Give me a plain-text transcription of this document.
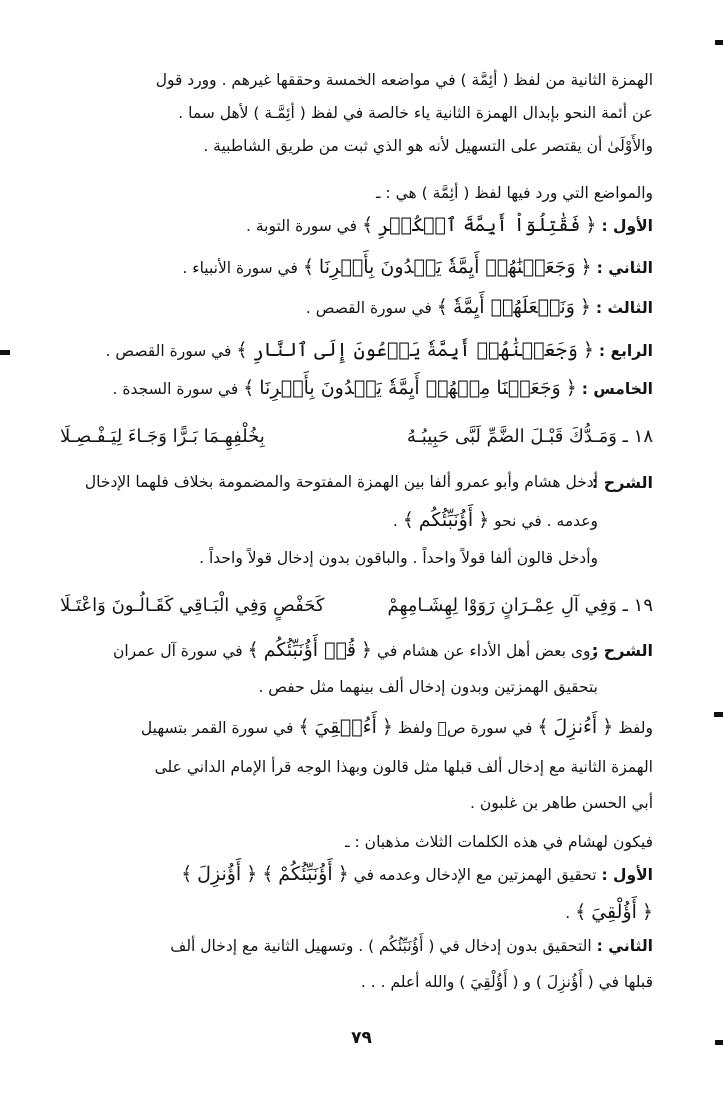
الهمزة الثانية من لفظ ( أئِمَّة ) في مواضعه الخمسة وحققها غيرهم . وورد قول
عن أئمة النحو بإبدال الهمزة الثانية ياء خالصة في لفظ ( أئِمَّـة ) لأهل سما .
والأَوْلَىٰ أن يقتصر على التسهيل لأنه هو الذي ثبت من طريق الشاطبية .
والمواضع التي ورد فيها لفظ ( أئِمَّة ) هي : ـ
الأول : ﴿ فَقَٰتِلُوٓاْ أَيِمَّةَ ٱلۡكُفۡرِ ﴾ في سورة التوبة .
الثاني : ﴿ وَجَعَلۡنَٰهُمۡ أَيِمَّةٗ يَهۡدُونَ بِأَمۡرِنَا ﴾ في سورة الأنبياء .
الثالث : ﴿ وَنَجۡعَلَهُمۡ أَيِمَّةٗ ﴾ في سورة القصص .
الرابع : ﴿ وَجَعَلۡنَٰهُمۡ أَيِمَّةٗ يَدۡعُونَ إِلَى ٱلنَّارِ ﴾ في سورة القصص .
الخامس : ﴿ وَجَعَلۡنَا مِنۡهُمۡ أَيِمَّةٗ يَهۡدُونَ بِأَمۡرِنَا ﴾ في سورة السجدة .
١٨ ـ وَمَـدُّكَ قَبْـلَ الضَّمِّ لَبَّى حَبِيبُـهُ
بِخُلْفِهِـمَا بَـرًّا وَجَـاءَ لِيَـفْـصِـلَا
الشرح :
أدخل هشام وأبو عمرو ألفا بين الهمزة المفتوحة والمضمومة بخلاف فلهما الإدخال
وعدمه . في نحو ﴿ أَؤُنَبِّئُكُم ﴾ .
وأدخل قالون ألفا قولاً واحداً . والباقون بدون إدخال قولاً واحداً .
١٩ ـ وَفِي آلِ عِمْـرَانٍ رَوَوْا لِهِشَـامِهِمْ
كَحَفْصٍ وَفِي الْبَـاقِي كَقَـالُـونَ وَاعْتَـلَا
الشرح :
روى بعض أهل الأداء عن هشام في ﴿ قُلۡ أَؤُنَبِّئُكُم ﴾ في سورة آل عمران
بتحقيق الهمزتين وبدون إدخال ألف بينهما مثل حفص .
ولفظ ﴿ أَءُنزِلَ ﴾ في سورة صۤ ولفظ ﴿ أَءُلۡقِيَ ﴾ في سورة القمر بتسهيل
الهمزة الثانية مع إدخال ألف قبلها مثل قالون وبهذا الوجه قرأ الإمام الداني على
أبي الحسن طاهر بن غلبون .
فيكون لهشام في هذه الكلمات الثلاث مذهبان : ـ
الأول : تحقيق الهمزتين مع الإدخال وعدمه في ﴿ أَؤُنَبِّئُكُمْ ﴾ ﴿ أَؤُنزِلَ ﴾
﴿ أَؤُلْقِيَ ﴾ .
الثاني : التحقيق بدون إدخال في ( أَؤُنَبِّئُكُم ) . وتسهيل الثانية مع إدخال ألف
قبلها في ( أَؤُنزِلَ ) و ( أَؤُلْقِيَ ) والله أعلم . . .
٧٩
